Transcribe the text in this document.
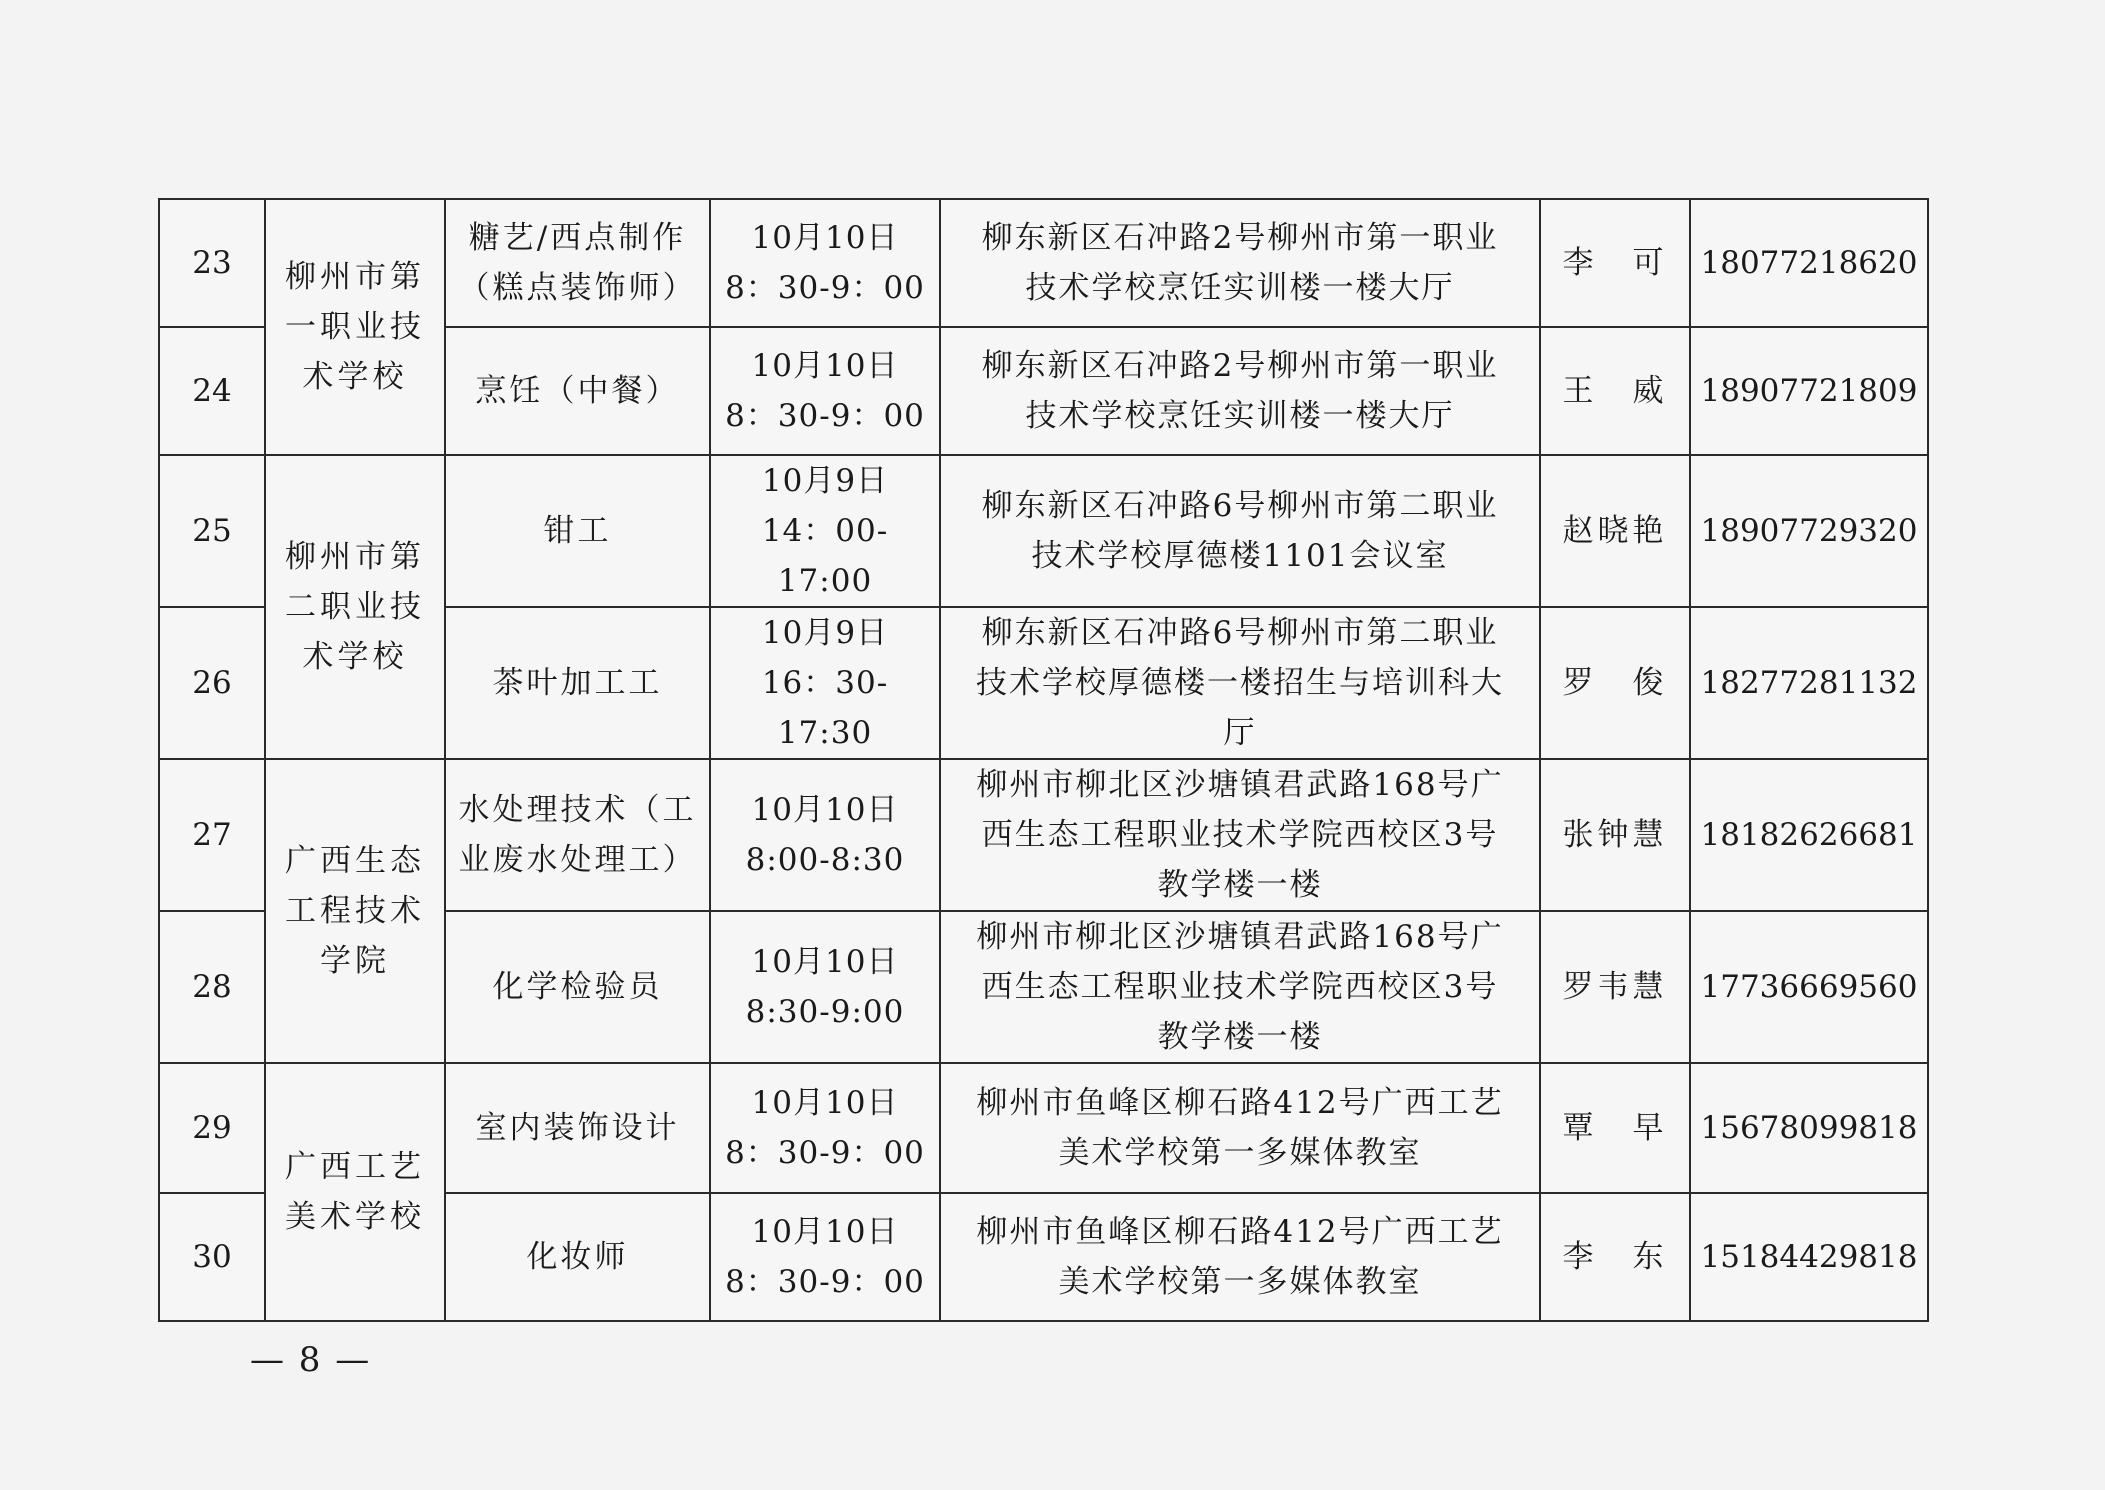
23	柳州市第
一职业技
术学校	糖艺/西点制作
（糕点装饰师）	10月10日
8：30-9：00	柳东新区石冲路2号柳州市第一职业
技术学校烹饪实训楼一楼大厅	李　可	18077218620
24		烹饪（中餐）	10月10日
8：30-9：00	柳东新区石冲路2号柳州市第一职业
技术学校烹饪实训楼一楼大厅	王　威	18907721809
25	柳州市第
二职业技
术学校	钳工	10月9日
14：00-17:00	柳东新区石冲路6号柳州市第二职业
技术学校厚德楼1101会议室	赵晓艳	18907729320
26		茶叶加工工	10月9日
16：30-17:30	柳东新区石冲路6号柳州市第二职业
技术学校厚德楼一楼招生与培训科大
厅	罗　俊	18277281132
27	广西生态
工程技术
学院	水处理技术（工
业废水处理工）	10月10日
8:00-8:30	柳州市柳北区沙塘镇君武路168号广
西生态工程职业技术学院西校区3号
教学楼一楼	张钟慧	18182626681
28		化学检验员	10月10日
8:30-9:00	柳州市柳北区沙塘镇君武路168号广
西生态工程职业技术学院西校区3号
教学楼一楼	罗韦慧	17736669560
29	广西工艺
美术学校	室内装饰设计	10月10日
8：30-9：00	柳州市鱼峰区柳石路412号广西工艺
美术学校第一多媒体教室	覃　早	15678099818
30		化妆师	10月10日
8：30-9：00	柳州市鱼峰区柳石路412号广西工艺
美术学校第一多媒体教室	李　东	15184429818
— 8 —
